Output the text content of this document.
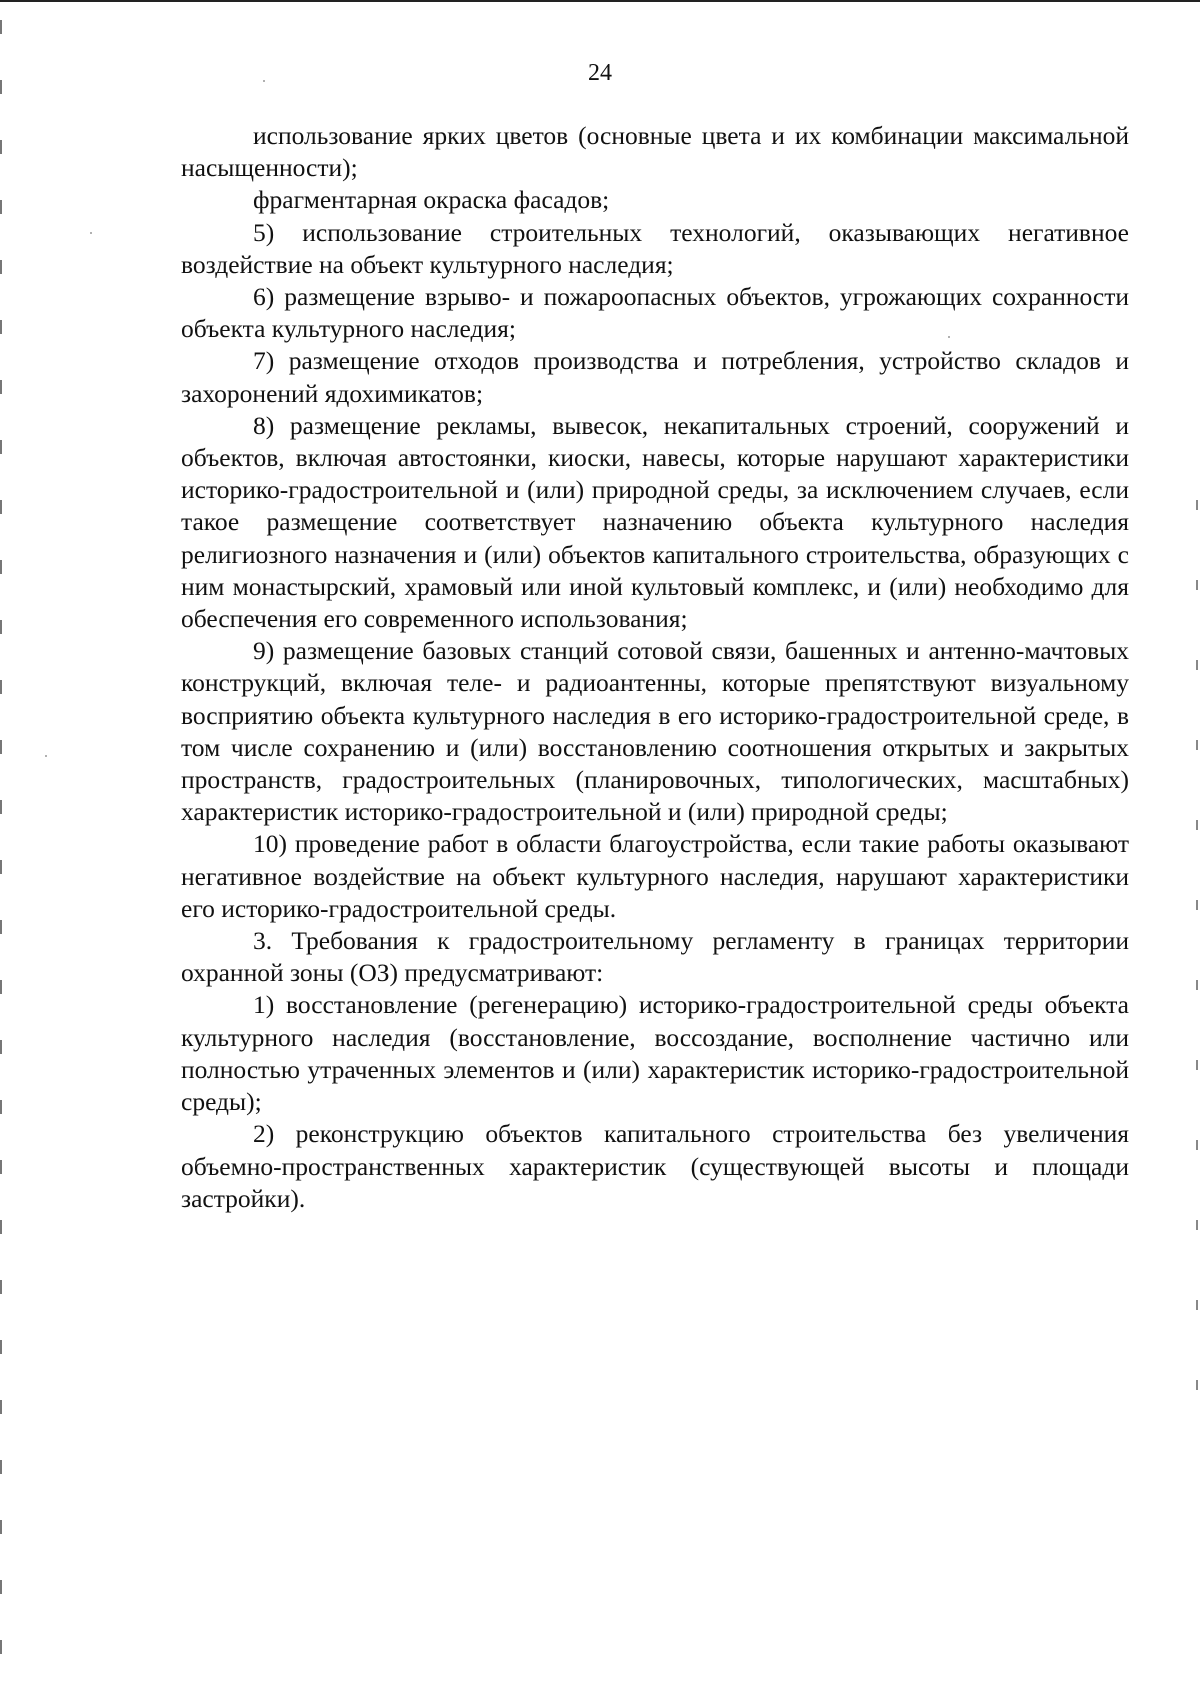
24

использование ярких цветов (основные цвета и их комбинации максимальной насыщенности);

фрагментарная окраска фасадов;

5) использование строительных технологий, оказывающих негативное воздействие на объект культурного наследия;

6) размещение взрыво- и пожароопасных объектов, угрожающих сохранности объекта культурного наследия;

7) размещение отходов производства и потребления, устройство складов и захоронений ядохимикатов;

8) размещение рекламы, вывесок, некапитальных строений, сооружений и объектов, включая автостоянки, киоски, навесы, которые нарушают характеристики историко-градостроительной и (или) природной среды, за исключением случаев, если такое размещение соответствует назначению объекта культурного наследия религиозного назначения и (или) объектов капитального строительства, образующих с ним монастырский, храмовый или иной культовый комплекс, и (или) необходимо для обеспечения его современного использования;

9) размещение базовых станций сотовой связи, башенных и антенно-мачтовых конструкций, включая теле- и радиоантенны, которые препятствуют визуальному восприятию объекта культурного наследия в его историко-градостроительной среде, в том числе сохранению и (или) восстановлению соотношения открытых и закрытых пространств, градостроительных (планировочных, типологических, масштабных) характеристик историко-градостроительной и (или) природной среды;

10) проведение работ в области благоустройства, если такие работы оказывают негативное воздействие на объект культурного наследия, нарушают характеристики его историко-градостроительной среды.

3. Требования к градостроительному регламенту в границах территории охранной зоны (ОЗ) предусматривают:

1) восстановление (регенерацию) историко-градостроительной среды объекта культурного наследия (восстановление, воссоздание, восполнение частично или полностью утраченных элементов и (или) характеристик историко-градостроительной среды);

2) реконструкцию объектов капитального строительства без увеличения объемно-пространственных характеристик (существующей высоты и площади застройки).
